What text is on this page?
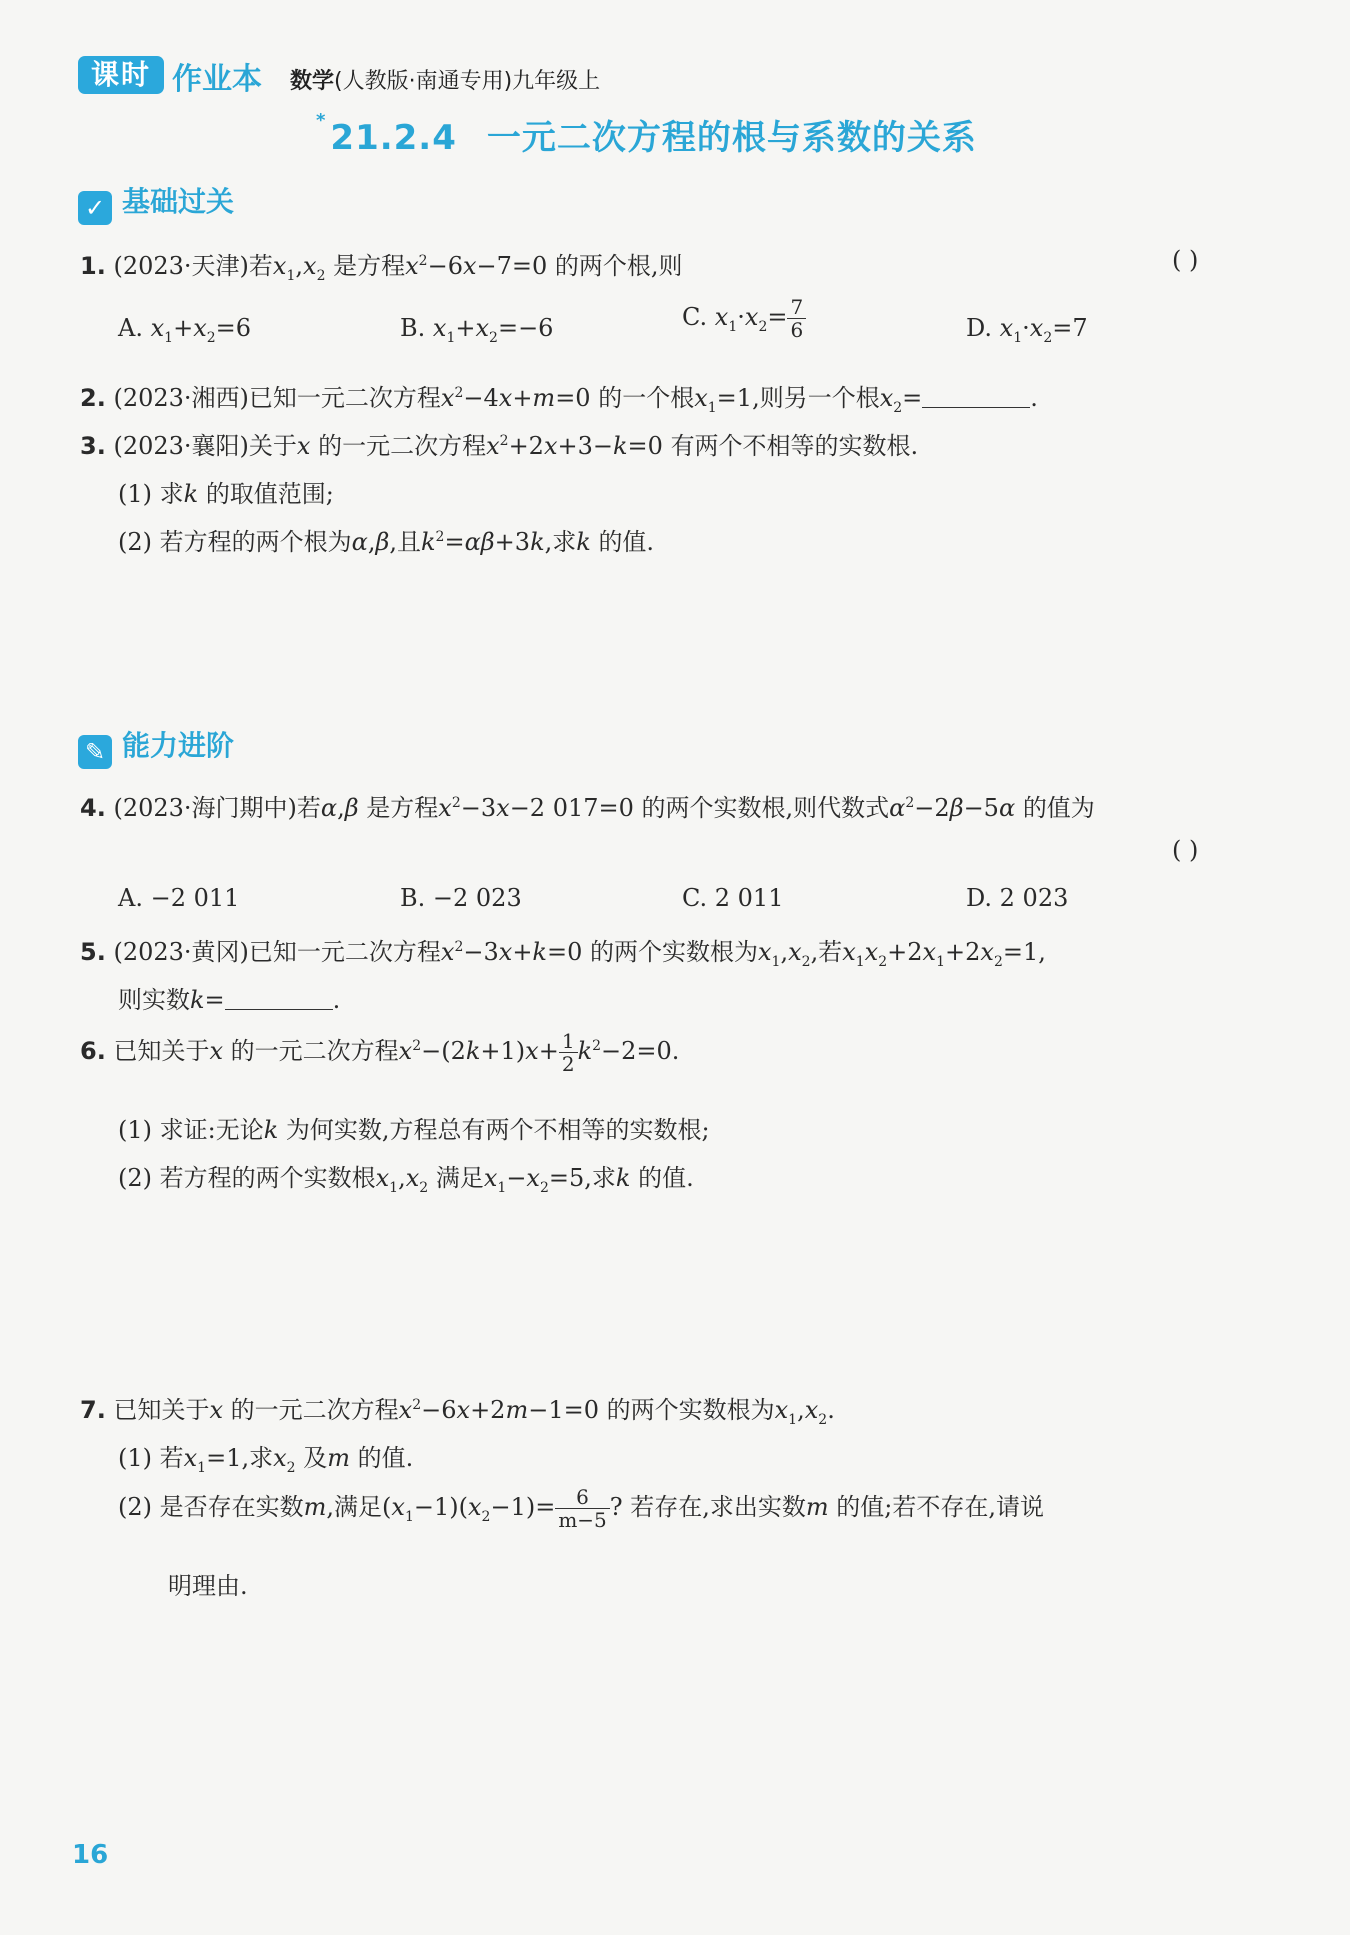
课时 作业本 数学(人教版·南通专用)九年级上
* 21.2.4 一元二次方程的根与系数的关系
✓ 基础过关
1. (2023·天津)若$x_1,x_2$ 是方程$x^2-6x-7=0$ 的两个根,则	( )
A. $x_1+x_2=6$	B. $x_1+x_2=-6$	C. $x_1\cdot x_2= \frac{7}{6}$	D. $x_1\cdot x_2=7$
2. (2023·湘西)已知一元二次方程$x^2-4x+m=0$ 的一个根$x_1=1$,则另一个根$x_2=$	.
3. (2023·襄阳)关于x 的一元二次方程$x^2+2x+3-k=0$ 有两个不相等的实数根.
(1) 求k 的取值范围;
(2) 若方程的两个根为α,β,且$k^2=\alpha\beta+3k$,求k 的值.
✎ 能力进阶
4. (2023·海门期中)若α,β 是方程$x^2-3x-2$ 017=0 的两个实数根,则代数式$\alpha^2-2\beta-5\alpha$ 的值为
( )
A. −2 011	B. −2 023	C. 2 011	D. 2 023
5. (2023·黄冈)已知一元二次方程$x^2-3x+k=0$ 的两个实数根为$x_1,x_2$,若$x_1x_2+2x_1+2x_2=1$,
则实数k=	.
6. 已知关于x 的一元二次方程$x^2-(2k+1)x+ \frac{1}{2} k^2-2=0$.
(1) 求证:无论k 为何实数,方程总有两个不相等的实数根;
(2) 若方程的两个实数根$x_1,x_2$ 满足$x_1-x_2=5$,求k 的值.
7. 已知关于x 的一元二次方程$x^2-6x+2m-1=0$ 的两个实数根为$x_1,x_2$.
(1) 若$x_1=1$,求$x_2$ 及m 的值.
(2) 是否存在实数m,满足$(x_1-1)(x_2-1)= \frac{6}{m-5}$ ? 若存在,求出实数m 的值;若不存在,请说
明理由.
16
